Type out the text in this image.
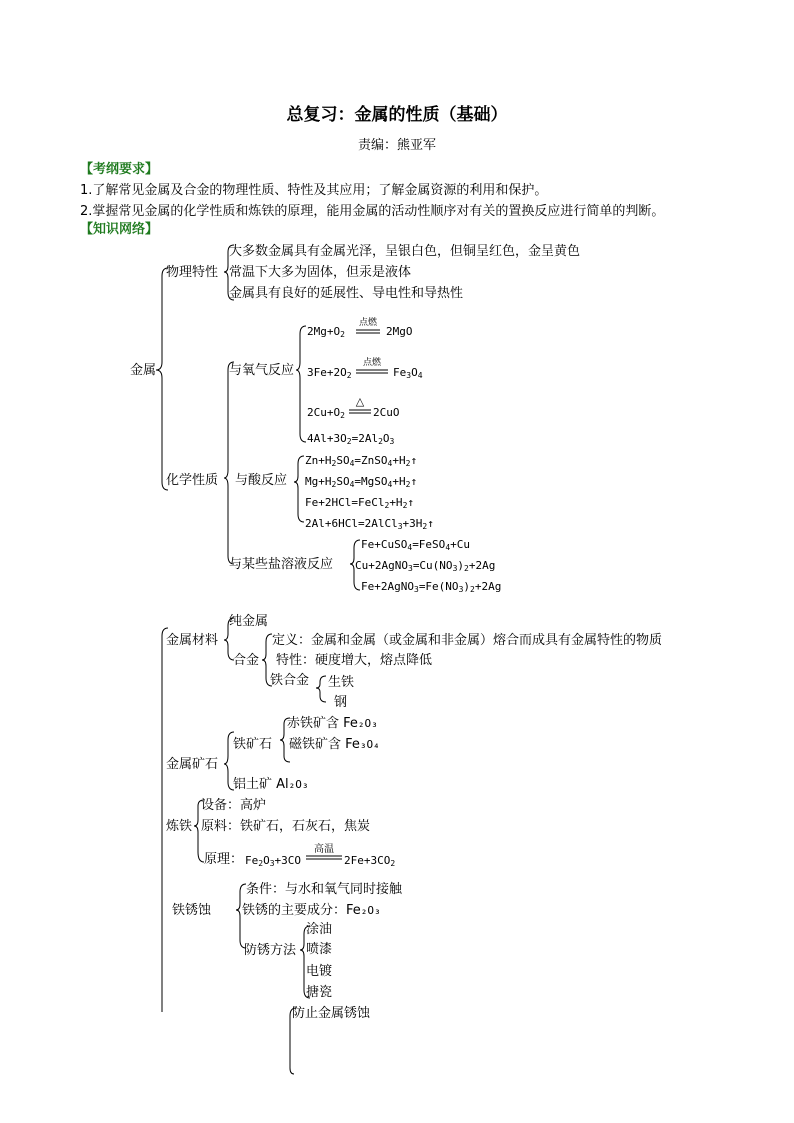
总复习：金属的性质（基础）
责编：熊亚军
【考纲要求】
1.了解常见金属及合金的物理性质、特性及其应用；了解金属资源的利用和保护。
2.掌握常见金属的化学性质和炼铁的原理，能用金属的活动性顺序对有关的置换反应进行简单的判断。
【知识网络】
金属
物理特性
大多数金属具有金属光泽，呈银白色，但铜呈红色，金呈黄色
常温下大多为固体，但汞是液体
金属具有良好的延展性、导电性和导热性
化学性质
与氧气反应
点燃
$2Mg+O_2$	2MgO
点燃
$3Fe+2O_2$	$Fe_3O_4$
△
$2Cu+O_2$	2CuO
$4Al+3O_2=2Al_2O_3$
与酸反应
$Zn+H_2SO_4=ZnSO_4+H_2↑$
$Mg+H_2SO_4=MgSO_4+H_2↑$
$Fe+2HCl=FeCl_2+H_2↑$
$2Al+6HCl=2AlCl_3+3H_2↑$
与某些盐溶液反应
Fe+CuSO$_4$=FeSO$_4$+Cu
$Cu+2AgNO_3=Cu(NO_3)_2+2Ag$
$Fe+2AgNO_3=Fe(NO_3)_2+2Ag$
金属材料
纯金属
合金
定义：金属和金属（或金属和非金属）熔合而成具有金属特性的物质
特性：硬度增大，熔点降低
铁合金 生铁
钢
金属矿石
铁矿石
赤铁矿含 Fe₂O₃
磁铁矿含 Fe₃O₄
铝土矿 Al₂O₃
炼铁
设备：高炉
原料：铁矿石，石灰石，焦炭
原理：
高温
$Fe_2O_3+3CO$	$2Fe+3CO_2$
铁锈蚀
条件：与水和氧气同时接触
铁锈的主要成分：Fe₂O₃
防锈方法
涂油
喷漆
电镀
搪瓷
防止金属锈蚀
